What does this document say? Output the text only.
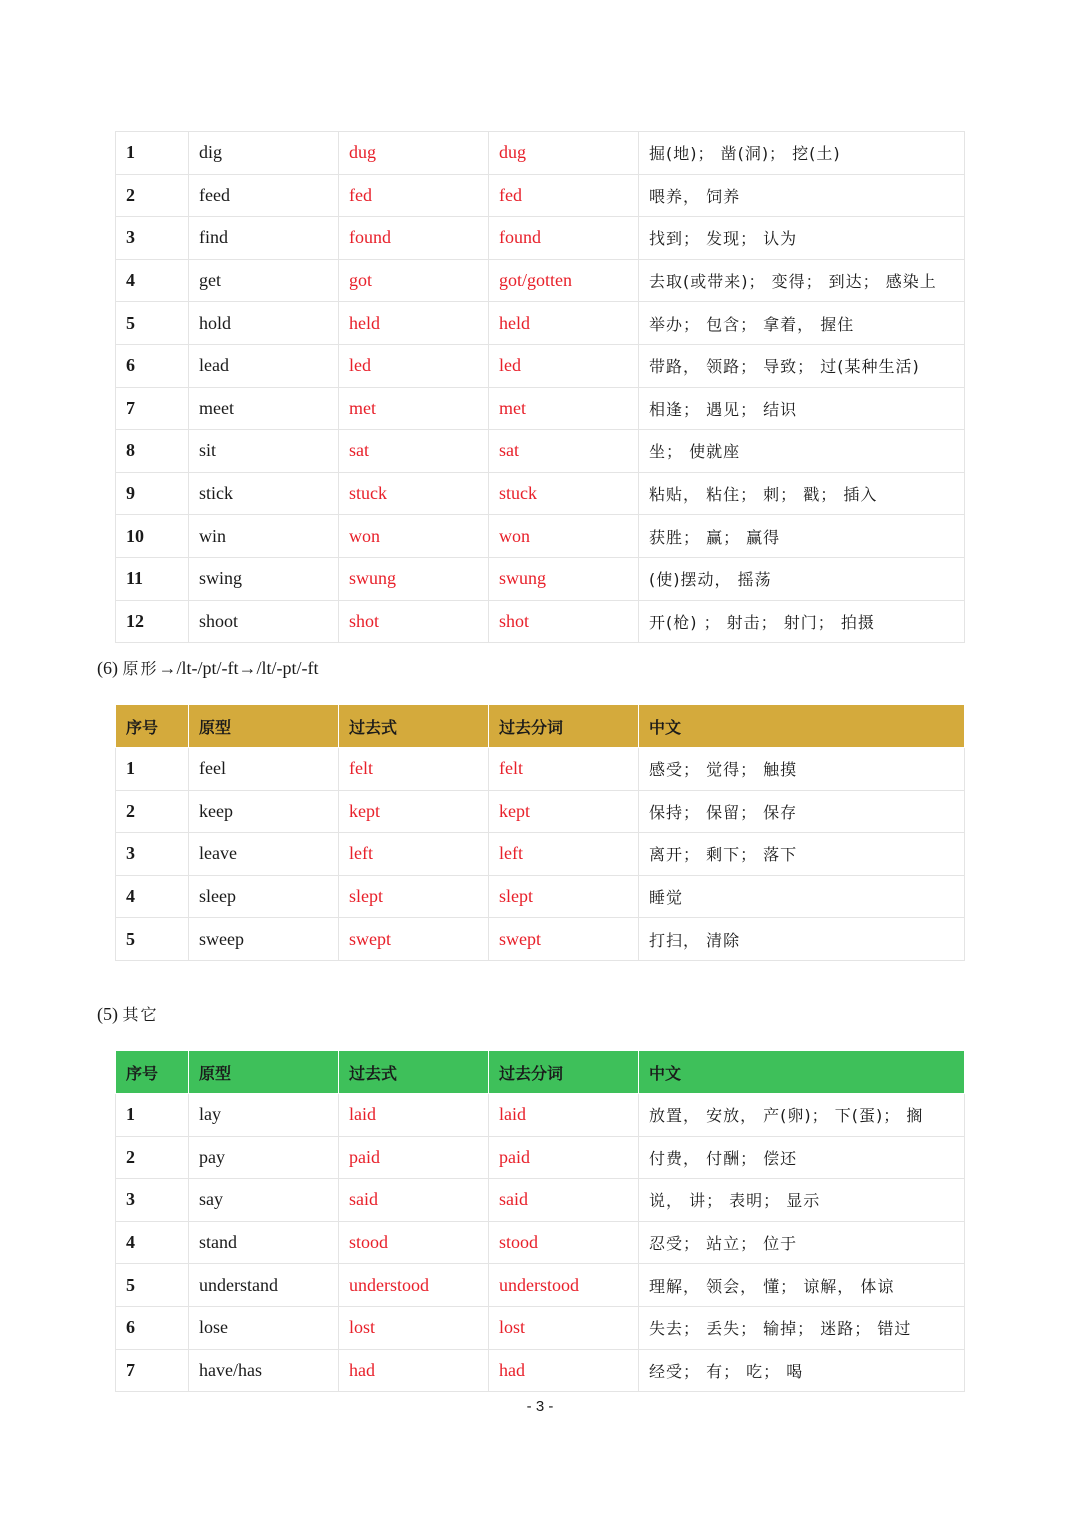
1	dig	dug	dug	掘(地)； 凿(洞)； 挖(土)
2	feed	fed	fed	喂养， 饲养
3	find	found	found	找到； 发现； 认为
4	get	got	got/gotten	去取(或带来)； 变得； 到达； 感染上
5	hold	held	held	举办； 包含； 拿着， 握住
6	lead	led	led	带路， 领路； 导致； 过(某种生活)
7	meet	met	met	相逢； 遇见； 结识
8	sit	sat	sat	坐； 使就座
9	stick	stuck	stuck	粘贴， 粘住； 刺； 戳； 插入
10	win	won	won	获胜； 赢； 赢得
11	swing	swung	swung	(使)摆动， 摇荡
12	shoot	shot	shot	开(枪) ； 射击； 射门； 拍摄
(6) 原形→/lt-/pt/-ft→/lt/-pt/-ft
序号	原型	过去式	过去分词	中文
1	feel	felt	felt	感受； 觉得； 触摸
2	keep	kept	kept	保持； 保留； 保存
3	leave	left	left	离开； 剩下； 落下
4	sleep	slept	slept	睡觉
5	sweep	swept	swept	打扫， 清除
(5) 其它
序号	原型	过去式	过去分词	中文
1	lay	laid	laid	放置， 安放， 产(卵)； 下(蛋)； 搁
2	pay	paid	paid	付费， 付酬； 偿还
3	say	said	said	说， 讲； 表明； 显示
4	stand	stood	stood	忍受； 站立； 位于
5	understand	understood	understood	理解， 领会， 懂； 谅解， 体谅
6	lose	lost	lost	失去； 丢失； 输掉； 迷路； 错过
7	have/has	had	had	经受； 有； 吃； 喝
- 3 -
